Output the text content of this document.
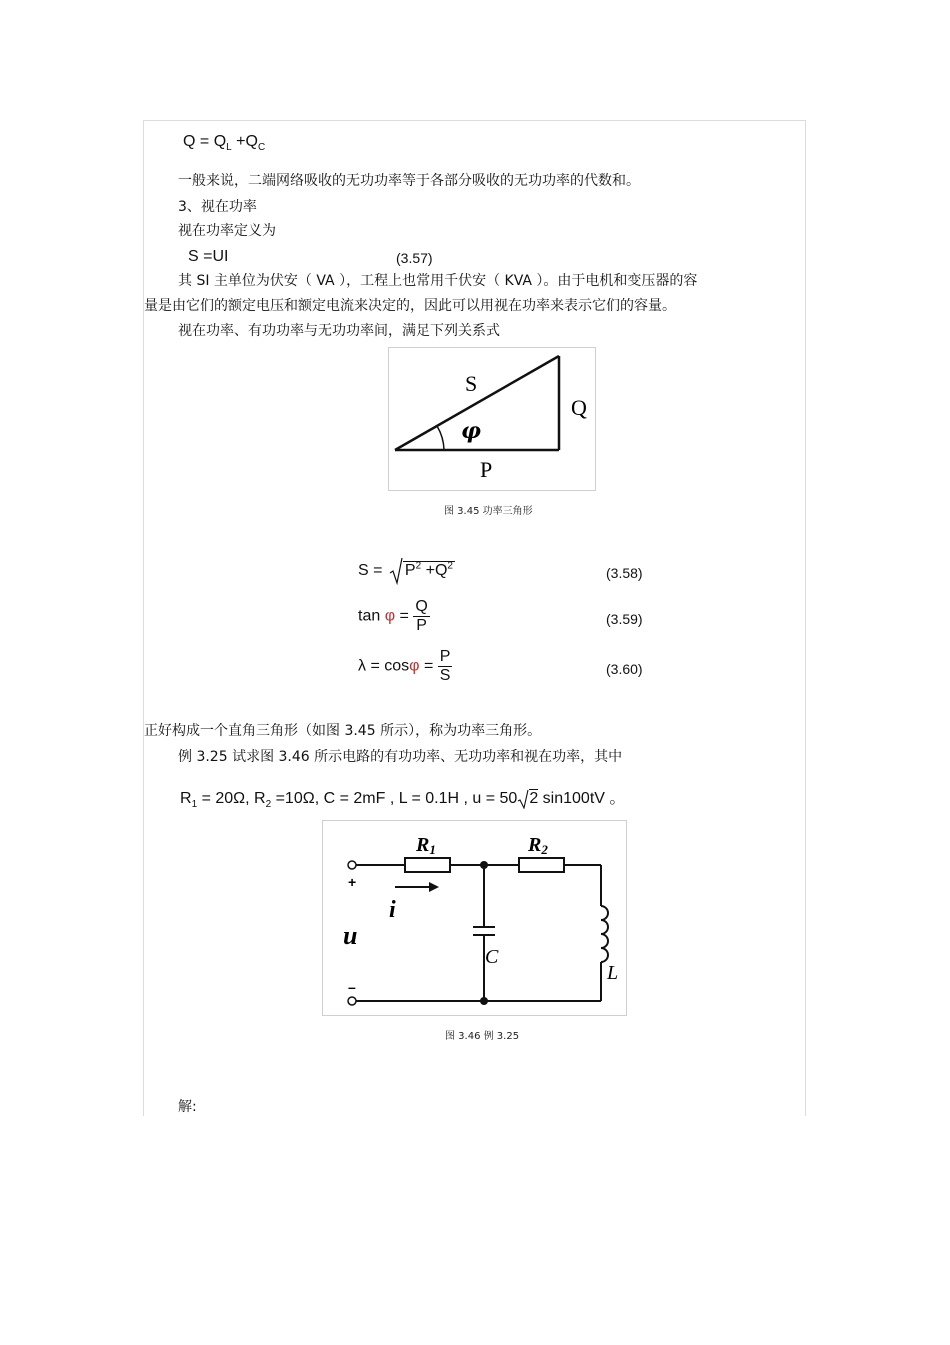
$Q = Q_L +Q_C$
一般来说，二端网络吸收的无功功率等于各部分吸收的无功功率的代数和。
3、视在功率
视在功率定义为
S =UI	(3.57)
其 SI 主单位为伏安（ VA ），工程上也常用千伏安（ KVA ）。由于电机和变压器的容
量是由它们的额定电压和额定电流来决定的，因此可以用视在功率来表示它们的容量。
视在功率、有功功率与无功功率间，满足下列关系式
S
Q
P
φ
图 3.45 功率三角形
$S = P^2 +Q^2$	(3.58)
$\tan \varphi = \frac{Q}{P}$	(3.59)
$\lambda = \cos\varphi = \frac{P}{S}$	(3.60)
正好构成一个直角三角形（如图 3.45 所示），称为功率三角形。
例 3.25 试求图 3.46 所示电路的有功功率、无功功率和视在功率，其中
$R_1 = 20\Omega$, $R_2 =10\Omega$, C = 2mF , L = 0.1H , u = 50 2 sin100tV 。
R1	R2
i
u
C
L
+
–
图 3.46 例 3.25
解:
